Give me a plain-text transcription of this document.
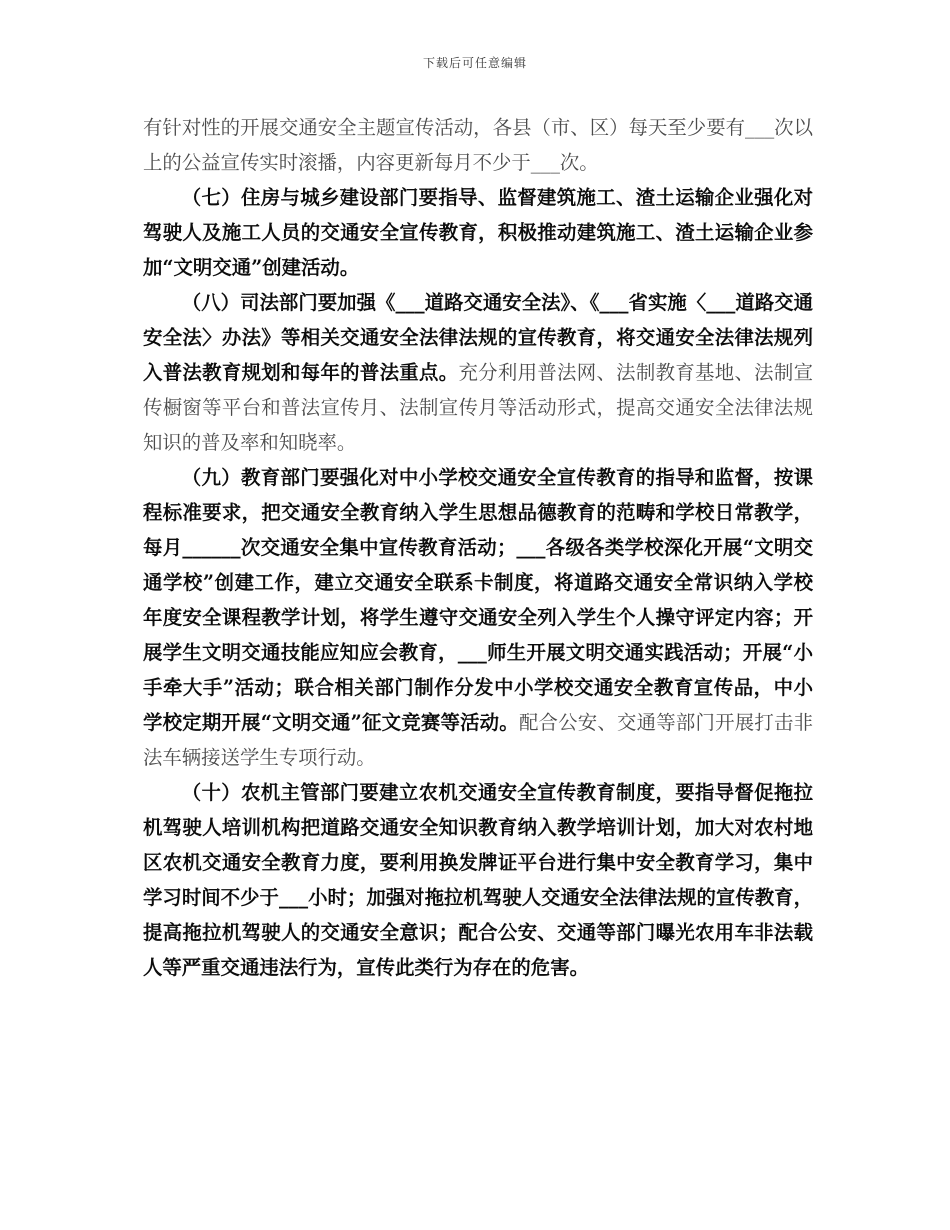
下载后可任意编辑

有针对性的开展交通安全主题宣传活动，各县（市、区）每天至少要有___次以上的公益宣传实时滚播，内容更新每月不少于___次。

（七）住房与城乡建设部门要指导、监督建筑施工、渣土运输企业强化对驾驶人及施工人员的交通安全宣传教育，积极推动建筑施工、渣土运输企业参加“文明交通”创建活动。

（八）司法部门要加强《___道路交通安全法》、《___省实施〈___道路交通安全法〉办法》等相关交通安全法律法规的宣传教育，将交通安全法律法规列入普法教育规划和每年的普法重点。充分利用普法网、法制教育基地、法制宣传橱窗等平台和普法宣传月、法制宣传月等活动形式，提高交通安全法律法规知识的普及率和知晓率。

（九）教育部门要强化对中小学校交通安全宣传教育的指导和监督，按课程标准要求，把交通安全教育纳入学生思想品德教育的范畴和学校日常教学，每月______次交通安全集中宣传教育活动；___各级各类学校深化开展“文明交通学校”创建工作，建立交通安全联系卡制度，将道路交通安全常识纳入学校年度安全课程教学计划，将学生遵守交通安全列入学生个人操守评定内容；开展学生文明交通技能应知应会教育，___师生开展文明交通实践活动；开展“小手牵大手”活动；联合相关部门制作分发中小学校交通安全教育宣传品，中小学校定期开展“文明交通”征文竞赛等活动。配合公安、交通等部门开展打击非法车辆接送学生专项行动。

（十）农机主管部门要建立农机交通安全宣传教育制度，要指导督促拖拉机驾驶人培训机构把道路交通安全知识教育纳入教学培训计划，加大对农村地区农机交通安全教育力度，要利用换发牌证平台进行集中安全教育学习，集中学习时间不少于___小时；加强对拖拉机驾驶人交通安全法律法规的宣传教育，提高拖拉机驾驶人的交通安全意识；配合公安、交通等部门曝光农用车非法载人等严重交通违法行为，宣传此类行为存在的危害。
